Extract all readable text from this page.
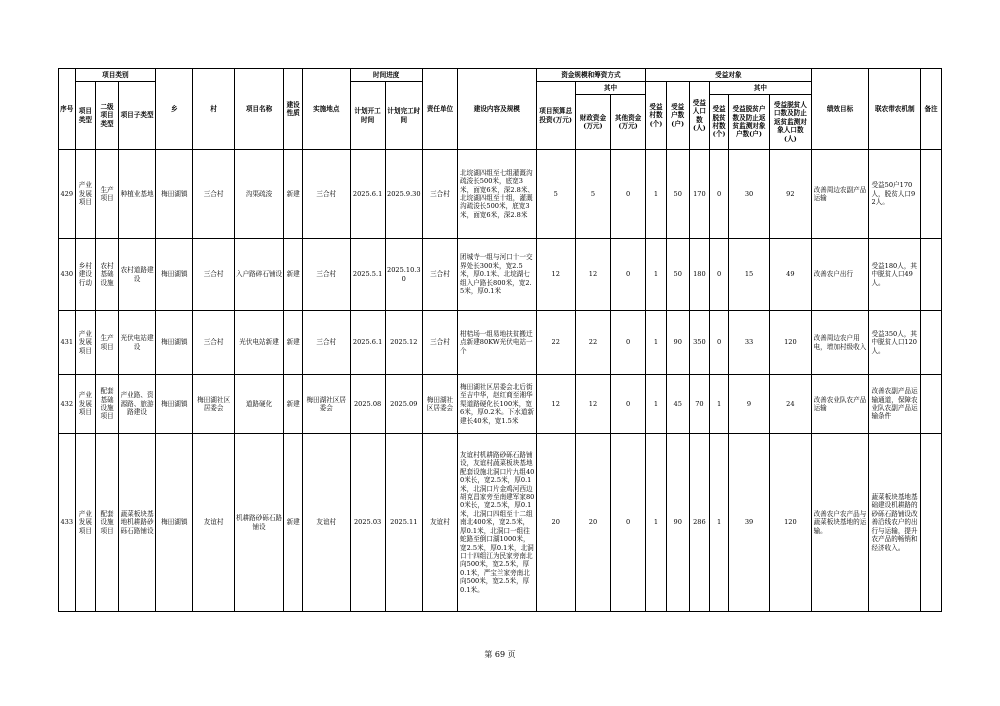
序号	项目类别			乡	村	项目名称	建设性质	实施地点	时间进度		责任单位	建设内容及规模	资金规模和筹资方式			受益对象						绩效目标	联农带农机制	备注
	项目类型	二级项目类型	项目子类型						计划开工时间	计划完工时间			项目预算总投资(万元)	其中		受益村数(个)	受益户数(户)	受益人口数(人)	其中					
														财政资金(万元)	其他资金(万元)				受益脱贫村数(个)	受益脱贫户数及防止返贫监测对象户数(户)	受益脱贫人口数及防止返贫监测对象人口数(人)			
429	产业发展项目	生产项目	种植业基地	梅田湖镇	三合村	沟渠疏浚	新建	三合村	2025.6.1	2025.9.30	三合村	北垸湖四组至七组灌溉沟疏浚长500米，底宽3米，面宽6米，深2.8米、北垸湖四组至十组，灌溉沟疏浚长500米，底宽3米，面宽6米，深2.8米	5	5	0	1	50	170	0	30	92	改善周边农副产品运输	受益50户170人，脱贫人口92人。	
430	乡村建设行动	农村基础设施	农村道路建设	梅田湖镇	三合村	入户路碎石铺设	新建	三合村	2025.5.1	2025.10.30	三合村	团城寺一组与河口十一交界处长300米，宽2.5米，厚0.1米、北垸湖七组入户路长800米，宽2.5米，厚0.1米	12	12	0	1	50	180	0	15	49	改善农户出行	受益180人，其中脱贫人口49人。	
431	产业发展项目	生产项目	光伏电站建设	梅田湖镇	三合村	光伏电站新建	新建	三合村	2025.6.1	2025.12	三合村	柑桔场一组易地扶贫搬迁点新建80KW光伏电站一个	22	22	0	1	90	350	0	33	120	改善周边农户用电，增加村级收入	受益350人，其中脱贫人口120人。	
432	产业发展项目	配套基础设施项目	产业路、资源路、旅游路建设	梅田湖镇	梅田湖社区居委会	道路硬化	新建	梅田湖社区居委会	2025.08	2025.09	梅田湖社区居委会	梅田湖社区居委会北后街至吉中华，赵红商至湘华渠道路硬化长100米，宽6米，厚0.2米。下水道新建长40米，宽1.5米	12	12	0	1	45	70	1	9	24	改善农业队农产品运输	改善农副产品运输通道，保障农业队农副产品运输条件	
433	产业发展项目	配套设施项目	蔬菜板块基地机耕路砂砾石路铺设	梅田湖镇	友谊村	机耕路砂砾石路铺设	新建	友谊村	2025.03	2025.11	友谊村	友谊村机耕路砂砾石路铺设，友谊村蔬菜板块基地配套设施北洞口片九组400米长，宽2.5米，厚0.1米，北洞口片金鸡河西边胡克昌家旁至南建军家800米长，宽2.5米，厚0.1米，北洞口四组至十二组南北400米，宽2.5米，厚0.1米，北洞口一组往蛇路至倒口湖1000米，宽2.5米，厚0.1米，北洞口十四组江为民家旁南北向500米，宽2.5米，厚0.1米，严宝兰家旁南北向500米，宽2.5米，厚0.1米。	20	20	0	1	90	286	1	39	120	改善农户农产品与蔬菜板块基地的运输。	蔬菜板块基地基础建设机耕路的砂砾石路铺设改善沿线农户的出行与运输，提升农产品的畅销和经济收入。	
第 69 页
